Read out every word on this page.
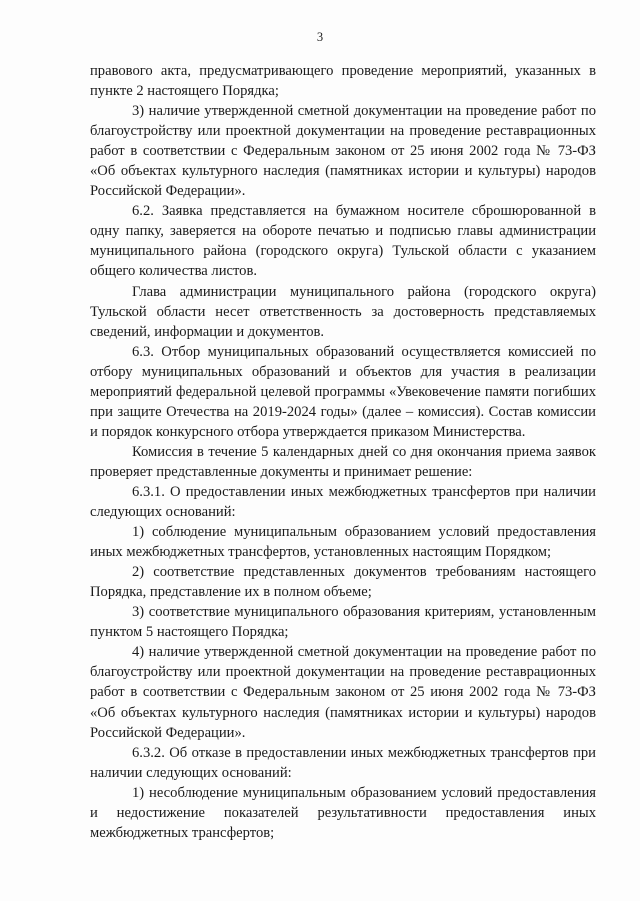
3

правового акта, предусматривающего проведение мероприятий, указанных в пункте 2 настоящего Порядка;

3) наличие утвержденной сметной документации на проведение работ по благоустройству или проектной документации на проведение реставрационных работ в соответствии с Федеральным законом от 25 июня 2002 года № 73-ФЗ «Об объектах культурного наследия (памятниках истории и культуры) народов Российской Федерации».

6.2. Заявка представляется на бумажном носителе сброшюрованной в одну папку, заверяется на обороте печатью и подписью главы администрации муниципального района (городского округа) Тульской области с указанием общего количества листов.

Глава администрации муниципального района (городского округа) Тульской области несет ответственность за достоверность представляемых сведений, информации и документов.

6.3. Отбор муниципальных образований осуществляется комиссией по отбору муниципальных образований и объектов для участия в реализации мероприятий федеральной целевой программы «Увековечение памяти погибших при защите Отечества на 2019-2024 годы» (далее – комиссия). Состав комиссии и порядок конкурсного отбора утверждается приказом Министерства.

Комиссия в течение 5 календарных дней со дня окончания приема заявок проверяет представленные документы и принимает решение:

6.3.1. О предоставлении иных межбюджетных трансфертов при наличии следующих оснований:

1) соблюдение муниципальным образованием условий предоставления иных межбюджетных трансфертов, установленных настоящим Порядком;

2) соответствие представленных документов требованиям настоящего Порядка, представление их в полном объеме;

3) соответствие муниципального образования критериям, установленным пунктом 5 настоящего Порядка;

4) наличие утвержденной сметной документации на проведение работ по благоустройству или проектной документации на проведение реставрационных работ в соответствии с Федеральным законом от 25 июня 2002 года № 73-ФЗ «Об объектах культурного наследия (памятниках истории и культуры) народов Российской Федерации».

6.3.2. Об отказе в предоставлении иных межбюджетных трансфертов при наличии следующих оснований:

1) несоблюдение муниципальным образованием условий предоставления и недостижение показателей результативности предоставления иных межбюджетных трансфертов;
